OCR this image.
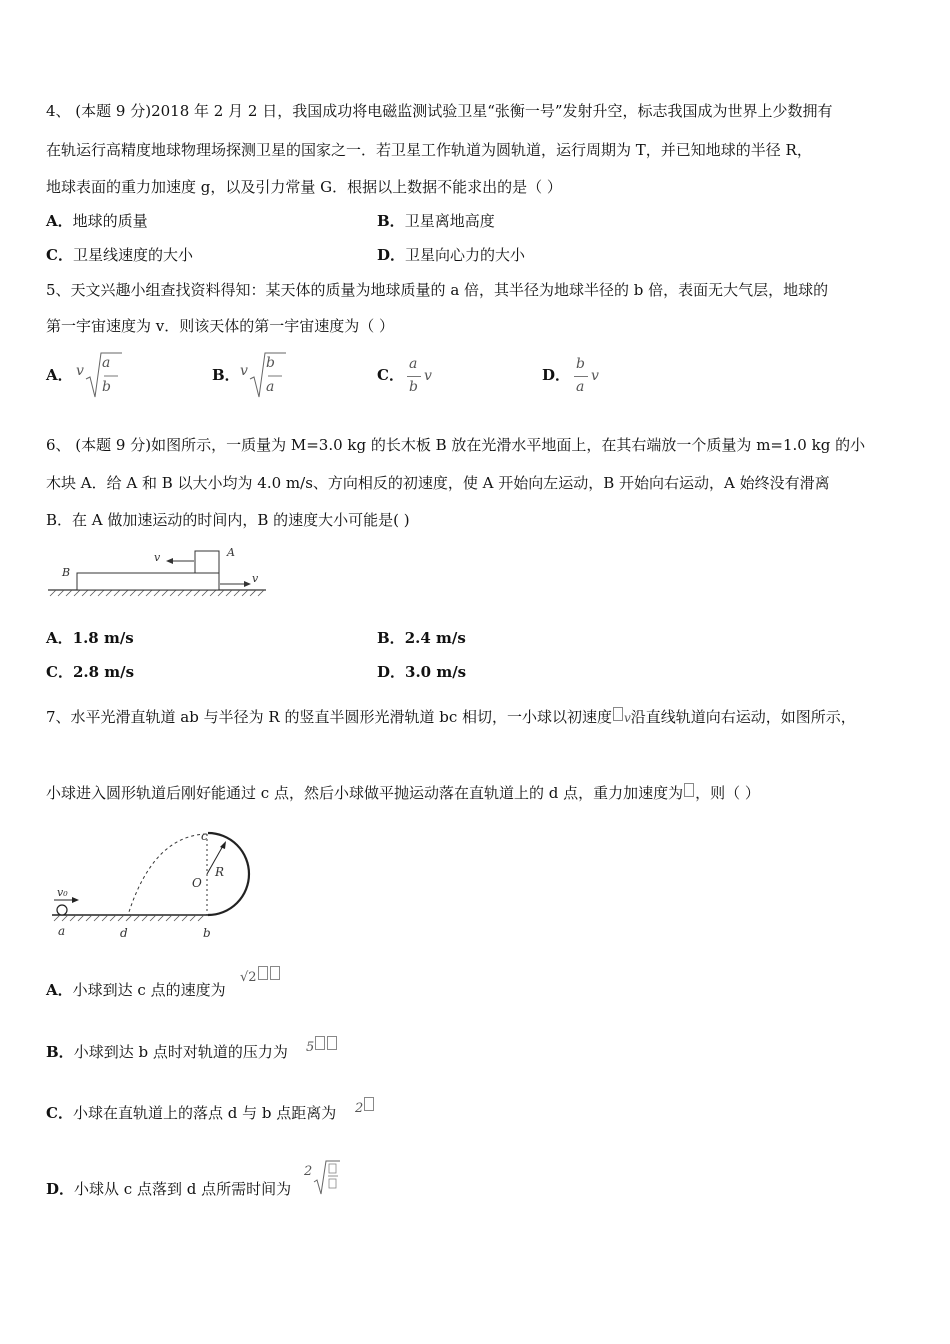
4、 (本题 9 分)2018 年 2 月 2 日，我国成功将电磁监测试验卫星“张衡一号”发射升空，标志我国成为世界上少数拥有
在轨运行高精度地球物理场探测卫星的国家之一．若卫星工作轨道为圆轨道，运行周期为 T，并已知地球的半径 R，
地球表面的重力加速度 g，以及引力常量 G．根据以上数据不能求出的是（ ）
A．地球的质量	B．卫星离地高度
C．卫星线速度的大小	D．卫星向心力的大小
5、天文兴趣小组查找资料得知：某天体的质量为地球质量的 a 倍，其半径为地球半径的 b 倍，表面无大气层，地球的
第一宇宙速度为 v．则该天体的第一宇宙速度为（ ）
A． v a
b
B． v b
a
C．
a
b
v	D．
b
a
v
6、 (本题 9 分)如图所示，一质量为 M=3.0 kg 的长木板 B 放在光滑水平地面上，在其右端放一个质量为 m=1.0 kg 的小
木块 A．给 A 和 B 以大小均为 4.0 m/s、方向相反的初速度，使 A 开始向左运动，B 开始向右运动，A 始终没有滑离
B．在 A 做加速运动的时间内，B 的速度大小可能是( )
v	A
B	v
A．1.8 m/s	B．2.4 m/s
C．2.8 m/s	D．3.0 m/s
7、水平光滑直轨道 ab 与半径为 R 的竖直半圆形光滑轨道 bc 相切，一小球以初速度 v沿直线轨道向右运动，如图所示，
小球进入圆形轨道后刚好能通过 c 点，然后小球做平抛运动落在直轨道上的 d 点，重力加速度为 ，则（ ）
v₀
a	d	b
c
O
R
A．小球到达 c 点的速度为
√2
B．小球到达 b 点时对轨道的压力为 5
C．小球在直轨道上的落点 d 与 b 点距离为 2
D．小球从 c 点落到 d 点所需时间为
2
